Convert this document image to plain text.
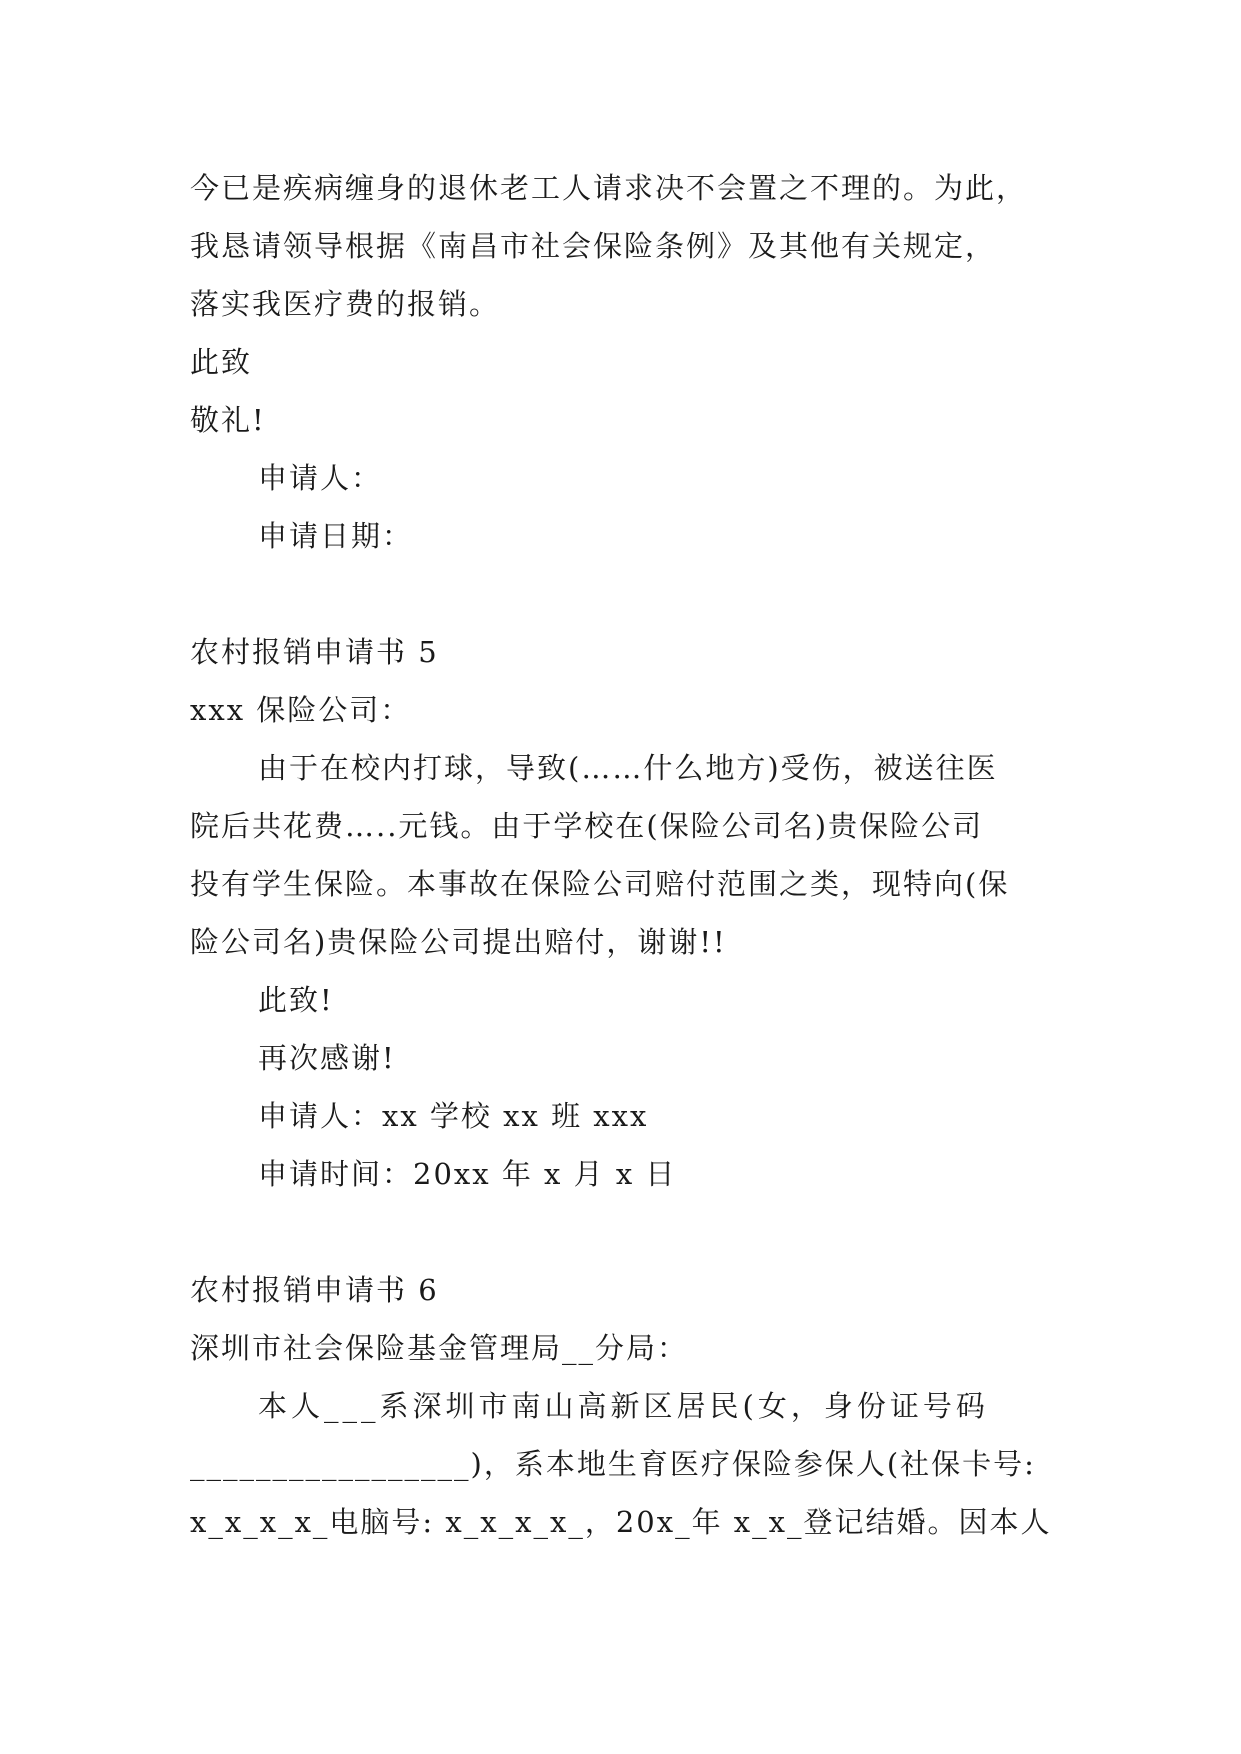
今已是疾病缠身的退休老工人请求决不会置之不理的。为此，
我恳请领导根据《南昌市社会保险条例》及其他有关规定，
落实我医疗费的报销。
此致
敬礼!
申请人：
申请日期：
农村报销申请书 5
xxx 保险公司：
由于在校内打球，导致(……什么地方)受伤，被送往医
院后共花费…..元钱。由于学校在(保险公司名)贵保险公司
投有学生保险。本事故在保险公司赔付范围之类，现特向(保
险公司名)贵保险公司提出赔付，谢谢!!
此致!
再次感谢!
申请人：xx 学校 xx 班 xxx
申请时间：20xx 年 x 月 x 日
农村报销申请书 6
深圳市社会保险基金管理局__分局：
本人___系深圳市南山高新区居民(女，身份证号码
_________________)，系本地生育医疗保险参保人(社保卡号:
x_x_x_x_电脑号: x_x_x_x_，20x_年 x_x_登记结婚。因本人
